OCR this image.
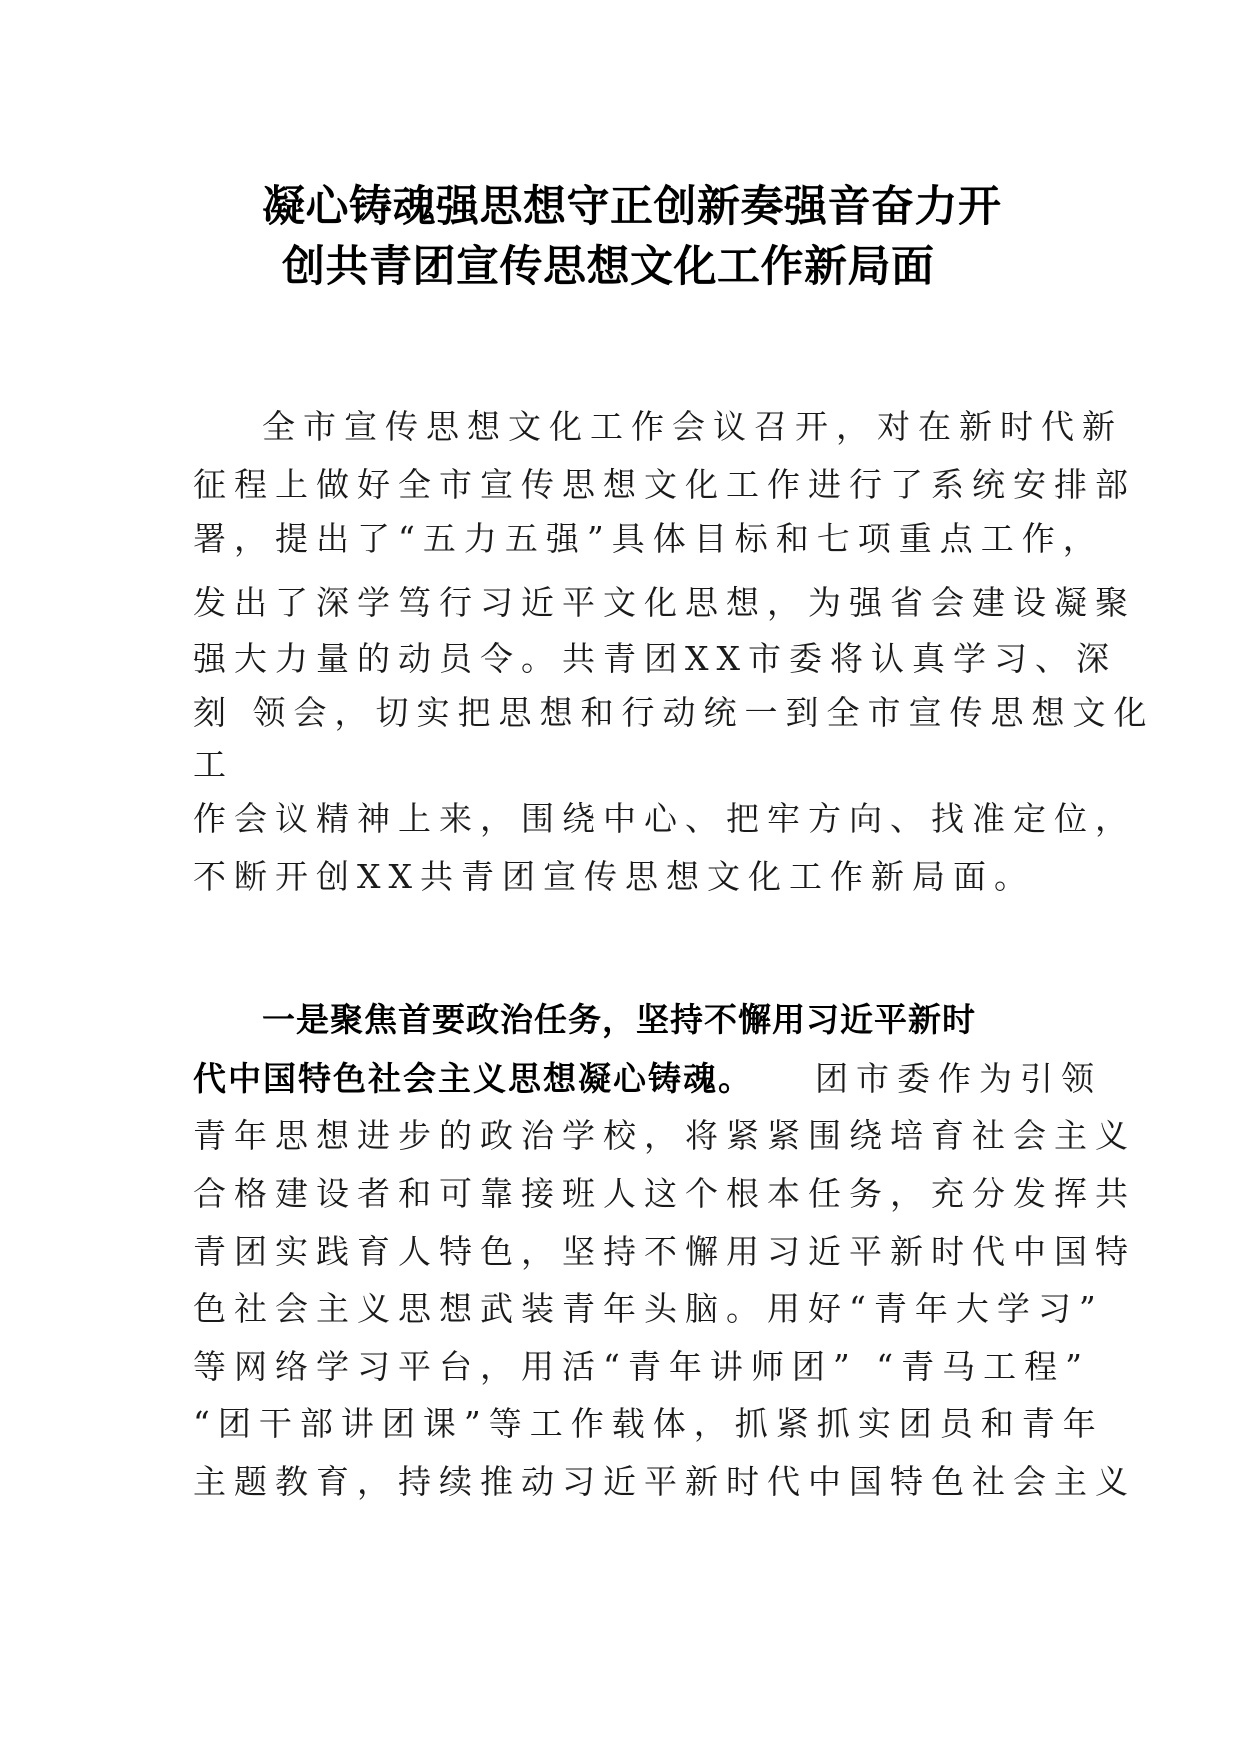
凝心铸魂强思想守正创新奏强音奋力开
创共青团宣传思想文化工作新局面
全市宣传思想文化工作会议召开，对在新时代新
征程上做好全市宣传思想文化工作进行了系统安排部
署，提出了“五力五强”具体目标和七项重点工作，
发出了深学笃行习近平文化思想，为强省会建设凝聚
强大力量的动员令。共青团XX市委将认真学习、深
刻 领会，切实把思想和行动统一到全市宣传思想文化
工
作会议精神上来，围绕中心、把牢方向、找准定位，
不断开创XX共青团宣传思想文化工作新局面。
一是聚焦首要政治任务，坚持不懈用习近平新时
代中国特色社会主义思想凝心铸魂。 团市委作为引领
青年思想进步的政治学校，将紧紧围绕培育社会主义
合格建设者和可靠接班人这个根本任务，充分发挥共
青团实践育人特色，坚持不懈用习近平新时代中国特
色社会主义思想武装青年头脑。用好“青年大学习”
等网络学习平台，用活“青年讲师团” “青马工程”
“团干部讲团课”等工作载体，抓紧抓实团员和青年
主题教育，持续推动习近平新时代中国特色社会主义
